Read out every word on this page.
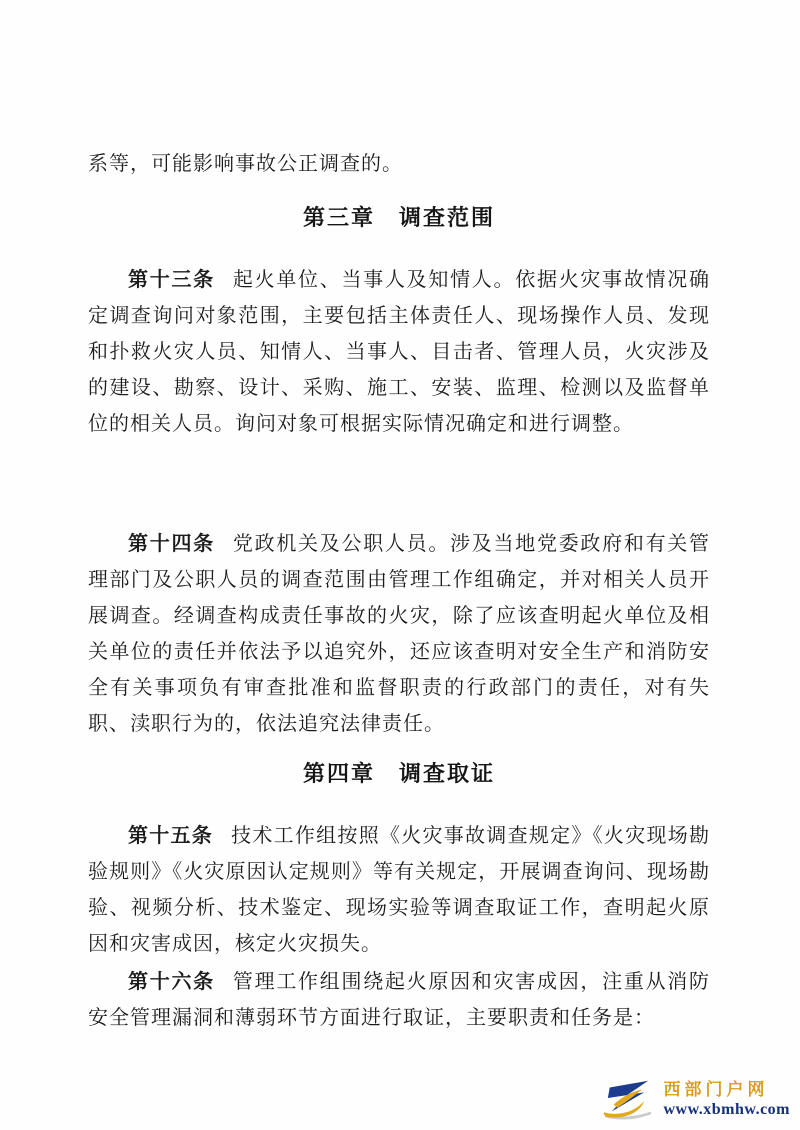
系等，可能影响事故公正调查的。

第三章　调查范围

第十三条 起火单位、当事人及知情人。依据火灾事故情况确定调查询问对象范围，主要包括主体责任人、现场操作人员、发现和扑救火灾人员、知情人、当事人、目击者、管理人员，火灾涉及的建设、勘察、设计、采购、施工、安装、监理、检测以及监督单位的相关人员。询问对象可根据实际情况确定和进行调整。

第十四条 党政机关及公职人员。涉及当地党委政府和有关管理部门及公职人员的调查范围由管理工作组确定，并对相关人员开展调查。经调查构成责任事故的火灾，除了应该查明起火单位及相关单位的责任并依法予以追究外，还应该查明对安全生产和消防安全有关事项负有审查批准和监督职责的行政部门的责任，对有失职、渎职行为的，依法追究法律责任。

第四章　调查取证

第十五条 技术工作组按照《火灾事故调查规定》《火灾现场勘验规则》《火灾原因认定规则》等有关规定，开展调查询问、现场勘验、视频分析、技术鉴定、现场实验等调查取证工作，查明起火原因和灾害成因，核定火灾损失。

第十六条 管理工作组围绕起火原因和灾害成因，注重从消防安全管理漏洞和薄弱环节方面进行取证，主要职责和任务是：

西部门户网
www.xbmhw.com
